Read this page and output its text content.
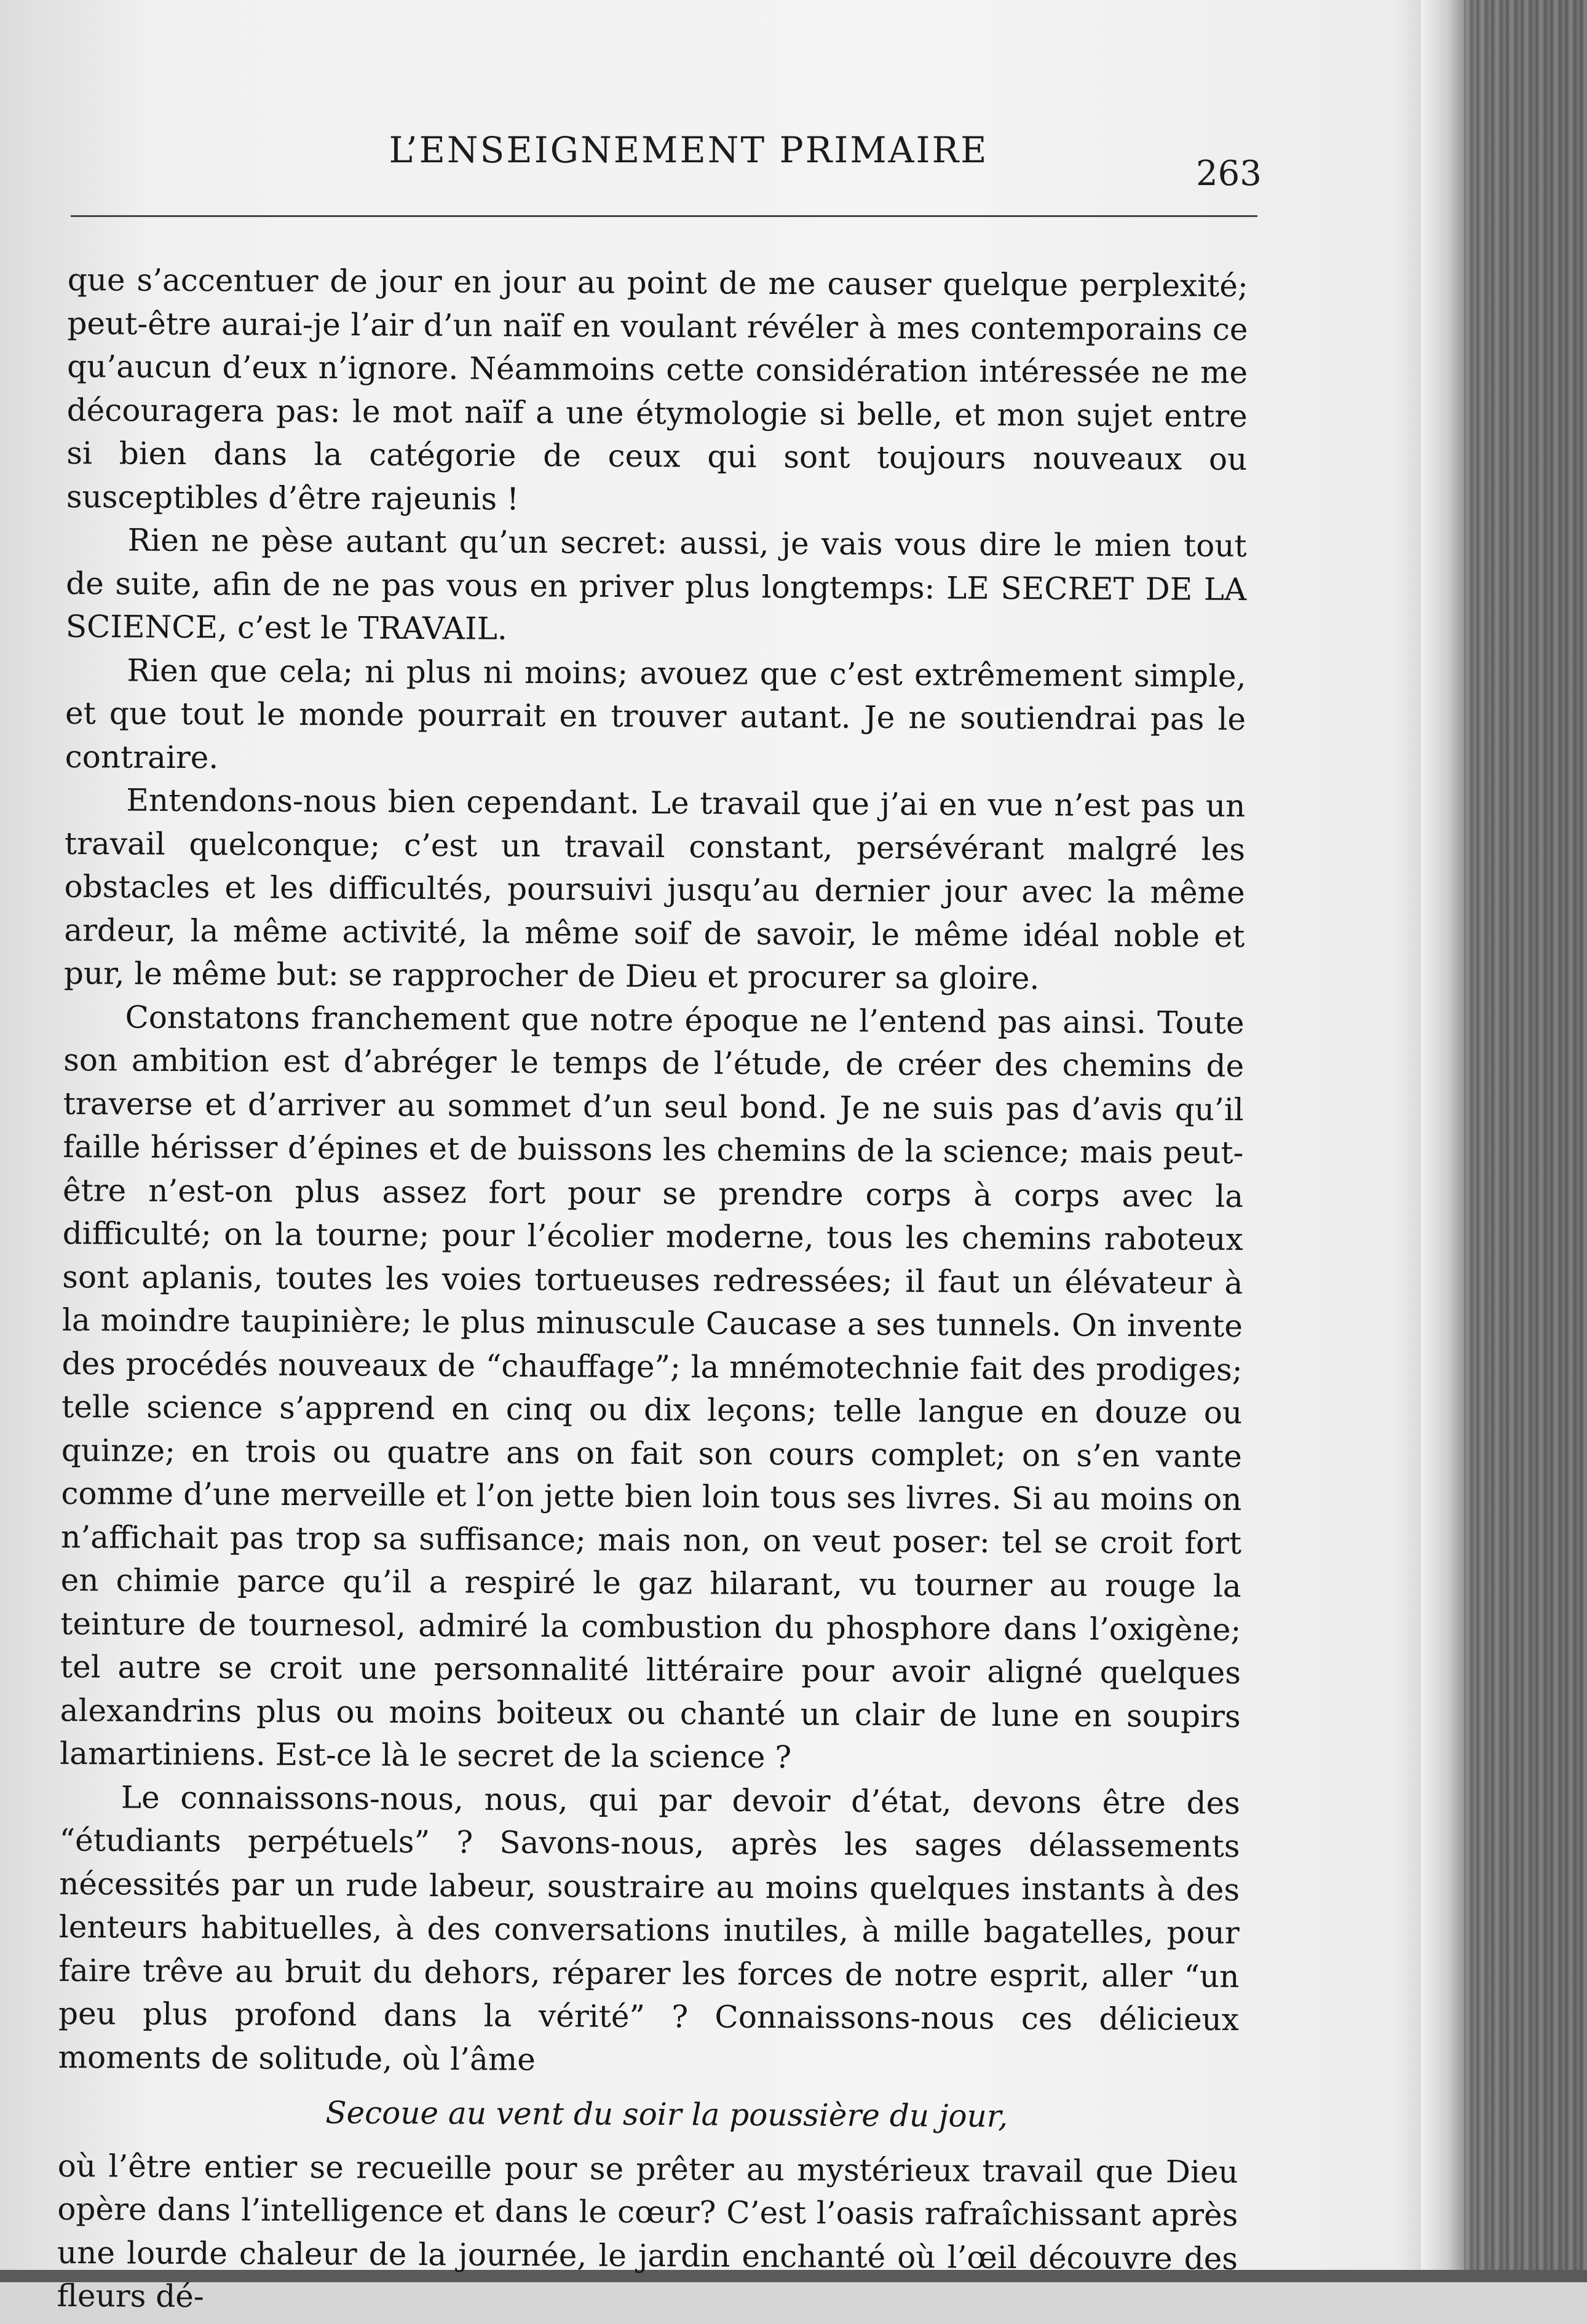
L’ENSEIGNEMENT PRIMAIRE
263

que s’accentuer de jour en jour au point de me causer quelque perplexité; peut-être aurai-je l’air d’un naïf en voulant révéler à mes contemporains ce qu’aucun d’eux n’ignore. Néammoins cette considération intéressée ne me découragera pas: le mot naïf a une étymologie si belle, et mon sujet entre si bien dans la catégorie de ceux qui sont toujours nouveaux ou susceptibles d’être rajeunis !

Rien ne pèse autant qu’un secret: aussi, je vais vous dire le mien tout de suite, afin de ne pas vous en priver plus longtemps: LE SECRET DE LA SCIENCE, c’est le TRAVAIL.

Rien que cela; ni plus ni moins; avouez que c’est extrêmement simple, et que tout le monde pourrait en trouver autant. Je ne soutiendrai pas le contraire.

Entendons-nous bien cependant. Le travail que j’ai en vue n’est pas un travail quelconque; c’est un travail constant, persévérant malgré les obstacles et les difficultés, poursuivi jusqu’au dernier jour avec la même ardeur, la même activité, la même soif de savoir, le même idéal noble et pur, le même but: se rapprocher de Dieu et procurer sa gloire.

Constatons franchement que notre époque ne l’entend pas ainsi. Toute son ambition est d’abréger le temps de l’étude, de créer des chemins de traverse et d’arriver au sommet d’un seul bond. Je ne suis pas d’avis qu’il faille hérisser d’épines et de buissons les chemins de la science; mais peut-être n’est-on plus assez fort pour se prendre corps à corps avec la difficulté; on la tourne; pour l’écolier moderne, tous les chemins raboteux sont aplanis, toutes les voies tortueuses redressées; il faut un élévateur à la moindre taupinière; le plus minuscule Caucase a ses tunnels. On invente des procédés nouveaux de “chauffage”; la mnémotechnie fait des prodiges; telle science s’apprend en cinq ou dix leçons; telle langue en douze ou quinze; en trois ou quatre ans on fait son cours complet; on s’en vante comme d’une merveille et l’on jette bien loin tous ses livres. Si au moins on n’affichait pas trop sa suffisance; mais non, on veut poser: tel se croit fort en chimie parce qu’il a respiré le gaz hilarant, vu tourner au rouge la teinture de tournesol, admiré la combustion du phosphore dans l’oxigène; tel autre se croit une personnalité littéraire pour avoir aligné quelques alexandrins plus ou moins boiteux ou chanté un clair de lune en soupirs lamartiniens. Est-ce là le secret de la science ?

Le connaissons-nous, nous, qui par devoir d’état, devons être des “étudiants perpétuels” ? Savons-nous, après les sages délassements nécessités par un rude labeur, soustraire au moins quelques instants à des lenteurs habituelles, à des conversations inutiles, à mille bagatelles, pour faire trêve au bruit du dehors, réparer les forces de notre esprit, aller “un peu plus profond dans la vérité” ? Connaissons-nous ces délicieux moments de solitude, où l’âme

Secoue au vent du soir la poussière du jour,

où l’être entier se recueille pour se prêter au mystérieux travail que Dieu opère dans l’intelligence et dans le cœur? C’est l’oasis rafraîchissant après une lourde chaleur de la journée, le jardin enchanté où l’œil découvre des fleurs dé-
